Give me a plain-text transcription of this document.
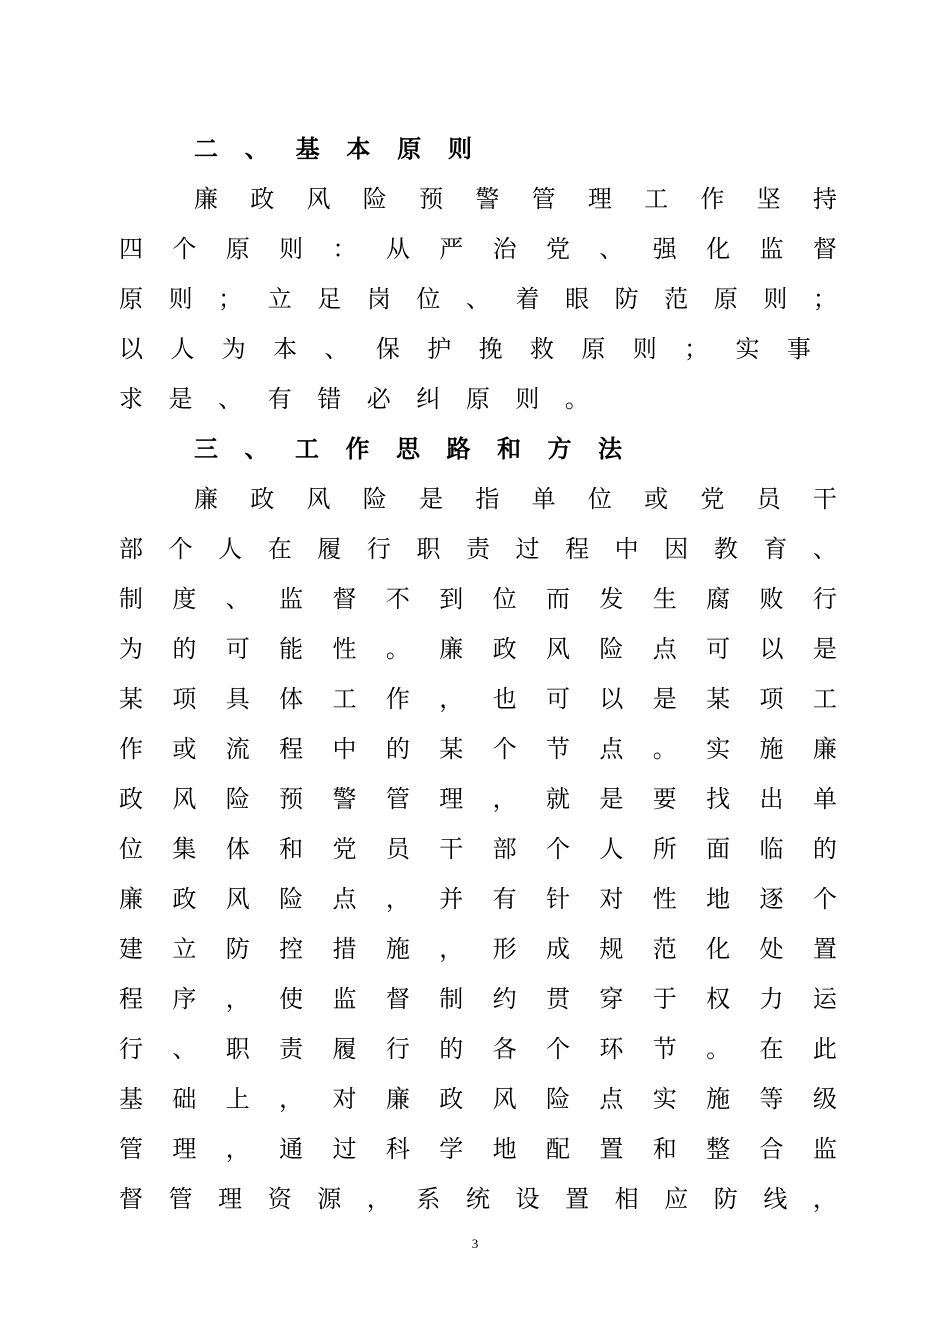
二 、 基 本 原 则
廉 政 风 险 预 警 管 理 工 作 坚 持
四 个 原 则 ： 从 严 治 党 、 强 化 监 督
原 则 ； 立 足 岗 位 、 着 眼 防 范 原 则 ；
以 人 为 本 、 保 护 挽 救 原 则 ； 实 事
求 是 、 有 错 必 纠 原 则 。
三 、 工 作 思 路 和 方 法
廉 政 风 险 是 指 单 位 或 党 员 干
部 个 人 在 履 行 职 责 过 程 中 因 教 育 、
制 度 、 监 督 不 到 位 而 发 生 腐 败 行
为 的 可 能 性 。 廉 政 风 险 点 可 以 是
某 项 具 体 工 作 ， 也 可 以 是 某 项 工
作 或 流 程 中 的 某 个 节 点 。 实 施 廉
政 风 险 预 警 管 理 ， 就 是 要 找 出 单
位 集 体 和 党 员 干 部 个 人 所 面 临 的
廉 政 风 险 点 ， 并 有 针 对 性 地 逐 个
建 立 防 控 措 施 ， 形 成 规 范 化 处 置
程 序 ， 使 监 督 制 约 贯 穿 于 权 力 运
行 、 职 责 履 行 的 各 个 环 节 。 在 此
基 础 上 ， 对 廉 政 风 险 点 实 施 等 级
管 理 ， 通 过 科 学 地 配 置 和 整 合 监
督 管 理 资 源 ， 系 统 设 置 相 应 防 线 ，
3
